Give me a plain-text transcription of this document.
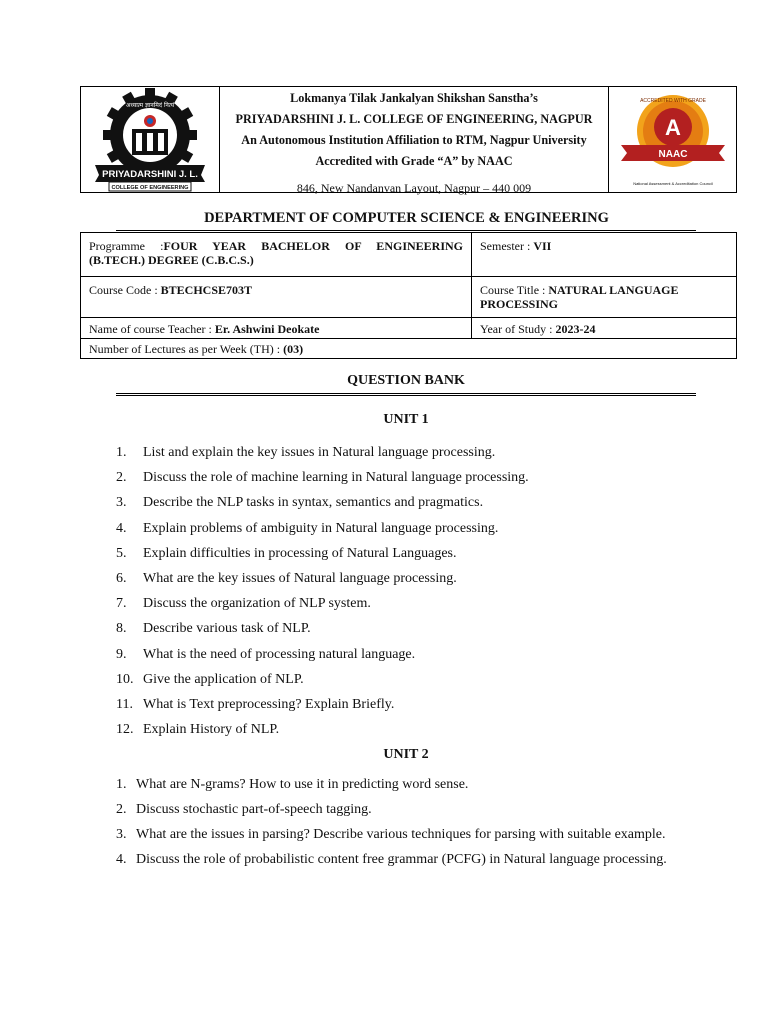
अध्यात्म ज्ञानमिदं नित्यं
PRIYADARSHINI J. L.
COLLEGE OF ENGINEERING
Lokmanya Tilak Jankalyan Shikshan Sanstha’s
PRIYADARSHINI J. L. COLLEGE OF ENGINEERING, NAGPUR
An Autonomous Institution Affiliation to RTM, Nagpur University
Accredited with Grade “A” by NAAC
846, New Nandanvan Layout, Nagpur – 440 009
A
ACCREDITED WITH GRADE
NAAC
National Assessment & Accreditation Council
DEPARTMENT OF COMPUTER SCIENCE & ENGINEERING
Programme :FOUR YEAR BACHELOR OF ENGINEERING
(B.TECH.) DEGREE (C.B.C.S.)	Semester : VII
Course Code : BTECHCSE703T	Course Title : NATURAL LANGUAGE
PROCESSING

Name of course Teacher : Er. Ashwini Deokate	Year of Study : 2023-24
Number of Lectures as per Week (TH) : (03)	
QUESTION BANK
UNIT 1
1. List and explain the key issues in Natural language processing.
2. Discuss the role of machine learning in Natural language processing.
3. Describe the NLP tasks in syntax, semantics and pragmatics.
4. Explain problems of ambiguity in Natural language processing.
5. Explain difficulties in processing of Natural Languages.
6. What are the key issues of Natural language processing.
7. Discuss the organization of NLP system.
8. Describe various task of NLP.
9. What is the need of processing natural language.
10. Give the application of NLP.
11. What is Text preprocessing? Explain Briefly.
12. Explain History of NLP.
UNIT 2
1. What are N-grams? How to use it in predicting word sense.
2. Discuss stochastic part-of-speech tagging.
3. What are the issues in parsing? Describe various techniques for parsing with suitable example.
4. Discuss the role of probabilistic content free grammar (PCFG) in Natural language processing.
